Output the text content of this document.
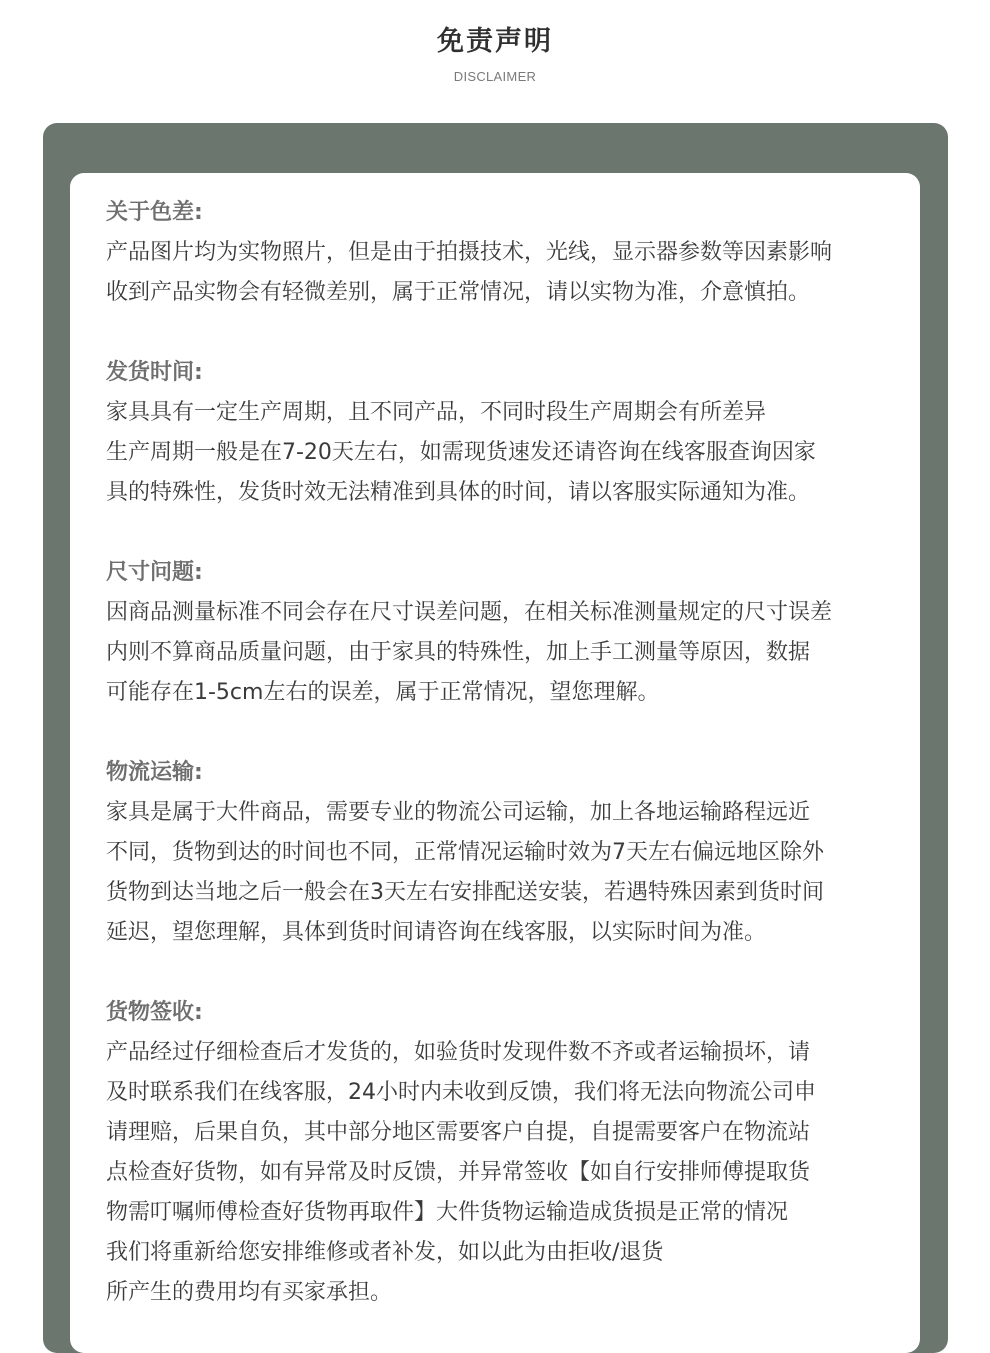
免责声明
DISCLAIMER
关于色差:
产品图片均为实物照片，但是由于拍摄技术，光线，显示器参数等因素影响
收到产品实物会有轻微差别，属于正常情况，请以实物为准，介意慎拍。
发货时间:
家具具有一定生产周期，且不同产品，不同时段生产周期会有所差异
生产周期一般是在7-20天左右，如需现货速发还请咨询在线客服查询因家
具的特殊性，发货时效无法精准到具体的时间，请以客服实际通知为准。
尺寸问题:
因商品测量标准不同会存在尺寸误差问题，在相关标准测量规定的尺寸误差
内则不算商品质量问题，由于家具的特殊性，加上手工测量等原因，数据
可能存在1-5cm左右的误差，属于正常情况，望您理解。
物流运输:
家具是属于大件商品，需要专业的物流公司运输，加上各地运输路程远近
不同，货物到达的时间也不同，正常情况运输时效为7天左右偏远地区除外
货物到达当地之后一般会在3天左右安排配送安装，若遇特殊因素到货时间
延迟，望您理解，具体到货时间请咨询在线客服，以实际时间为准。
货物签收:
产品经过仔细检查后才发货的，如验货时发现件数不齐或者运输损坏，请
及时联系我们在线客服，24小时内未收到反馈，我们将无法向物流公司申
请理赔，后果自负，其中部分地区需要客户自提，自提需要客户在物流站
点检查好货物，如有异常及时反馈，并异常签收【如自行安排师傅提取货
物需叮嘱师傅检查好货物再取件】大件货物运输造成货损是正常的情况
我们将重新给您安排维修或者补发，如以此为由拒收/退货
所产生的费用均有买家承担。
